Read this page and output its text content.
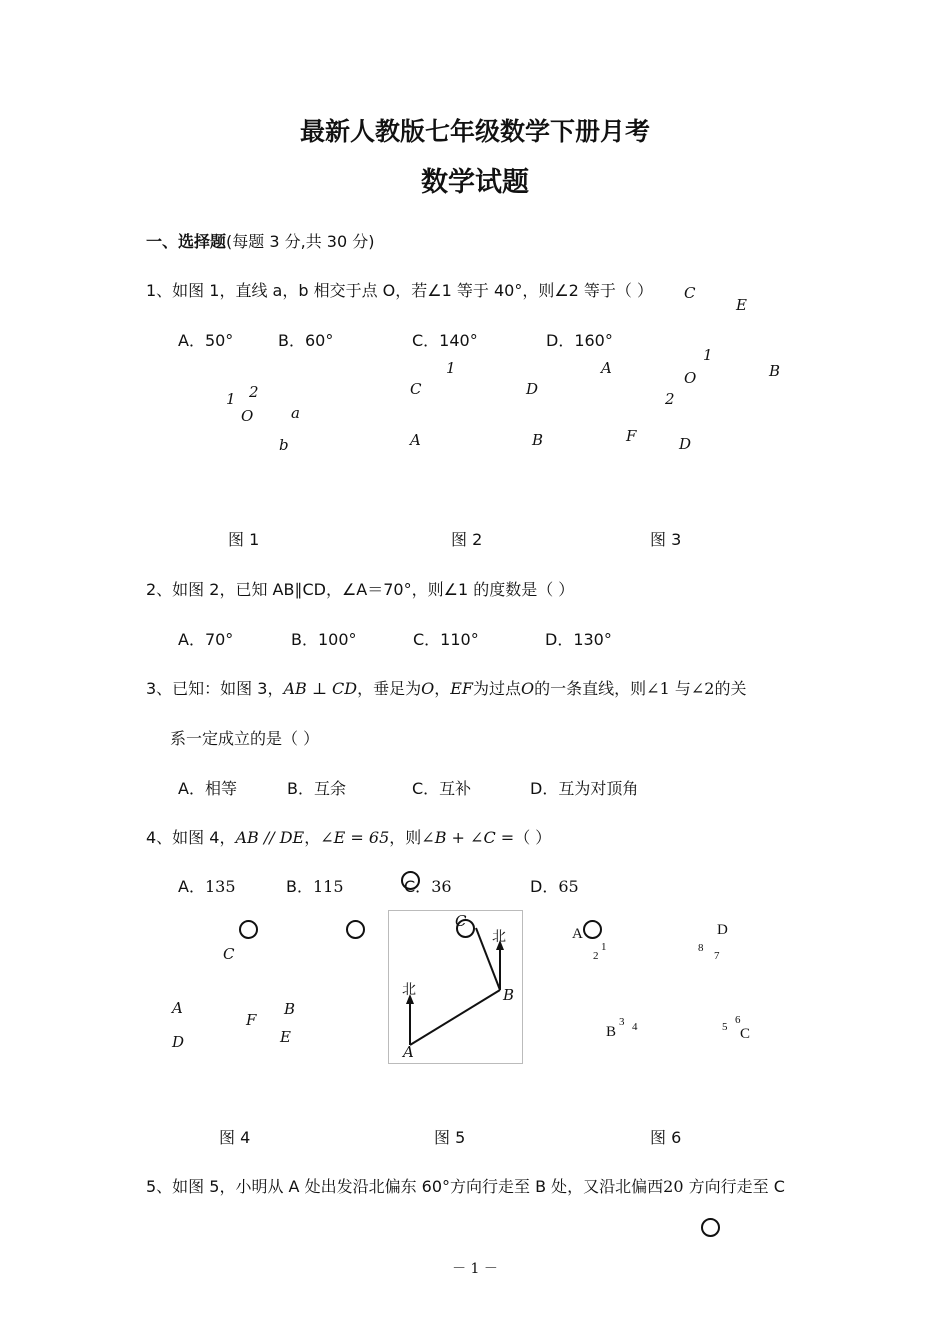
最新人教版七年级数学下册月考
数学试题
一、选择题(每题 3 分,共 30 分)
1、如图 1，直线 a，b 相交于点 O，若∠1 等于 40°，则∠2 等于（ ）
A．50°	B．60°	C．140°	D．160°
1 2
O	a
b
1
C	D
A	B
C
E
1
A
O	B
2
F	D
图 1	图 2	图 3
2、如图 2，已知 AB∥CD，∠A＝70°，则∠1 的度数是（ ）
A．70°	B．100°	C．110°	D．130°
3、已知：如图 3，AB ⊥ CD，垂足为O，EF为过点O的一条直线，则∠1 与∠2的关
系一定成立的是（ ）
A．相等	B．互余	C．互补	D．互为对顶角
4、如图 4，AB // DE，∠E = 65，则∠B + ∠C =（ ）
A．135	B．115	C．36	D．65
C
A
F
B
D	E
C
北
北	B
A
A
2
1
D
8
7
B
3 4	5
6
C
图 4	图 5	图 6
5、如图 5，小明从 A 处出发沿北偏东 60°方向行走至 B 处，又沿北偏西20 方向行走至 C
－ 1 －
